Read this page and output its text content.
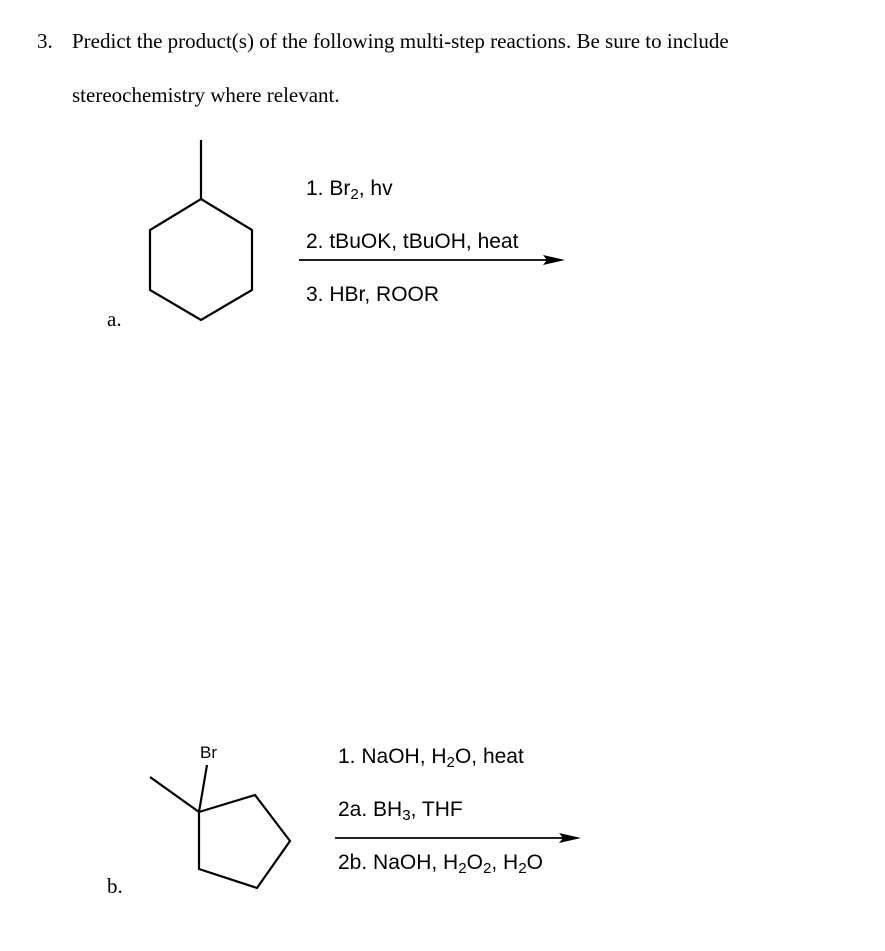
3. Predict the product(s) of the following multi-step reactions. Be sure to include
stereochemistry where relevant.
a.
1. $Br_2$, hv
2. tBuOK, tBuOH, heat
3. HBr, ROOR
b.
Br	1. NaOH, $H_2O$, heat
2a. $BH_3$, THF
2b. NaOH, $H_2O_2$, $H_2O$
